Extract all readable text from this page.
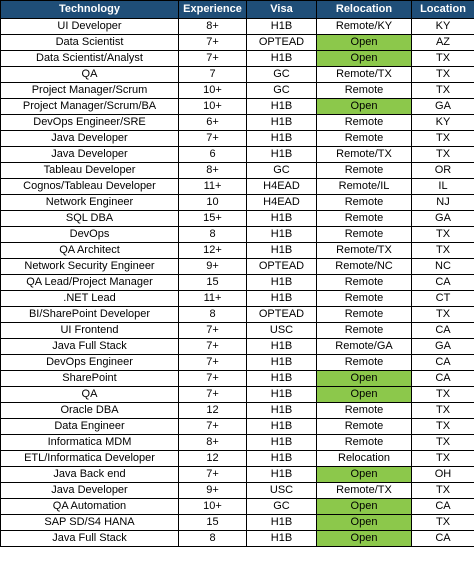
Technology	Experience	Visa	Relocation	Location
UI Developer	8+	H1B	Remote/KY	KY
Data Scientist	7+	OPTEAD	Open	AZ
Data Scientist/Analyst	7+	H1B	Open	TX
QA	7	GC	Remote/TX	TX
Project Manager/Scrum	10+	GC	Remote	TX
Project Manager/Scrum/BA	10+	H1B	Open	GA
DevOps Engineer/SRE	6+	H1B	Remote	KY
Java Developer	7+	H1B	Remote	TX
Java Developer	6	H1B	Remote/TX	TX
Tableau Developer	8+	GC	Remote	OR
Cognos/Tableau Developer	11+	H4EAD	Remote/IL	IL
Network Engineer	10	H4EAD	Remote	NJ
SQL DBA	15+	H1B	Remote	GA
DevOps	8	H1B	Remote	TX
QA Architect	12+	H1B	Remote/TX	TX
Network Security Engineer	9+	OPTEAD	Remote/NC	NC
QA Lead/Project Manager	15	H1B	Remote	CA
.NET Lead	11+	H1B	Remote	CT
BI/SharePoint Developer	8	OPTEAD	Remote	TX
UI Frontend	7+	USC	Remote	CA
Java Full Stack	7+	H1B	Remote/GA	GA
DevOps Engineer	7+	H1B	Remote	CA
SharePoint	7+	H1B	Open	CA
QA	7+	H1B	Open	TX
Oracle DBA	12	H1B	Remote	TX
Data Engineer	7+	H1B	Remote	TX
Informatica MDM	8+	H1B	Remote	TX
ETL/Informatica Developer	12	H1B	Relocation	TX
Java Back end	7+	H1B	Open	OH
Java Developer	9+	USC	Remote/TX	TX
QA Automation	10+	GC	Open	CA
SAP SD/S4 HANA	15	H1B	Open	TX
Java Full Stack	8	H1B	Open	CA
